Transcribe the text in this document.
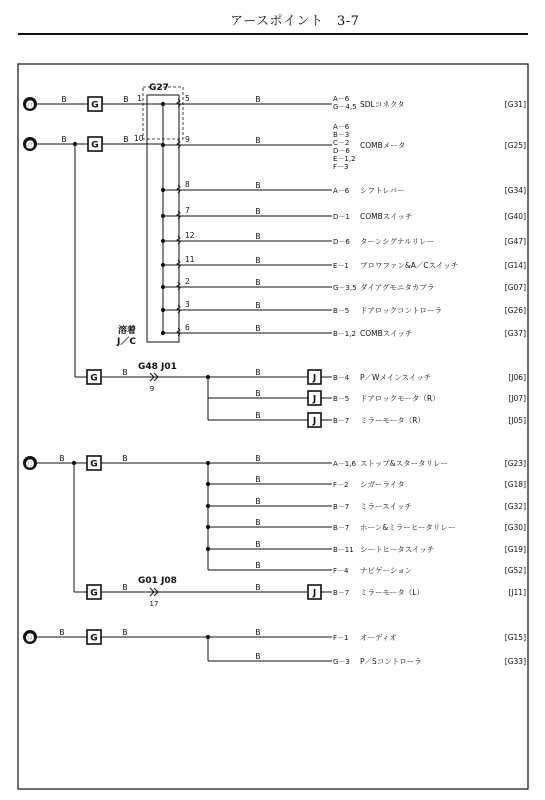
アースポイント　 3-7
G27
溶着
J／C
⓫
B
G
B 1
⓭
B
G
B 10
5	B	A－6
G－4,5 SDLコネクタ	[G31]
9	B
A－6
B－3
C－2
D－6
E－1,2
F－3
COMBメータ	[G25]
8	B
A－6 シフトレバー	[G34]
7	B
D－1 COMBスイッチ	[G40]
12	B
D－6 ターンシグナルリレー	[G47]
11	B
E－1 ブロワファン&A／Cスイッチ	[G14]
2	B
G－3,5 ダイアグモニタカプラ	[G07]
3	B
B－5 ドアロックコントローラ	[G26]
6	B
B－1,2 COMBスイッチ	[G37]
G
B
G48 J01
9
B
J B－4 P／Wメインスイッチ	[J06]
B
J B－5 ドアロックモータ（R）	[J07]
B
J B－7 ミラーモータ（R）	[J05]
⓬
B
G
B	B
A－1,6 ストップ&スタータリレー	[G23]
B
F－2 シガーライタ	[G18]
B
B－7 ミラースイッチ	[G32]
B
B－7 ホーン&ミラーヒータリレー	[G30]
B
B－11 シートヒータスイッチ	[G19]
B
F－4 ナビゲーション	[G52]
G
B
G01 J08
17
B
J B－7 ミラーモータ（L）	[J11]
⓮
B
G
B	B
F－1 オーディオ	[G15]
B
G－3 P／Sコントローラ	[G33]
